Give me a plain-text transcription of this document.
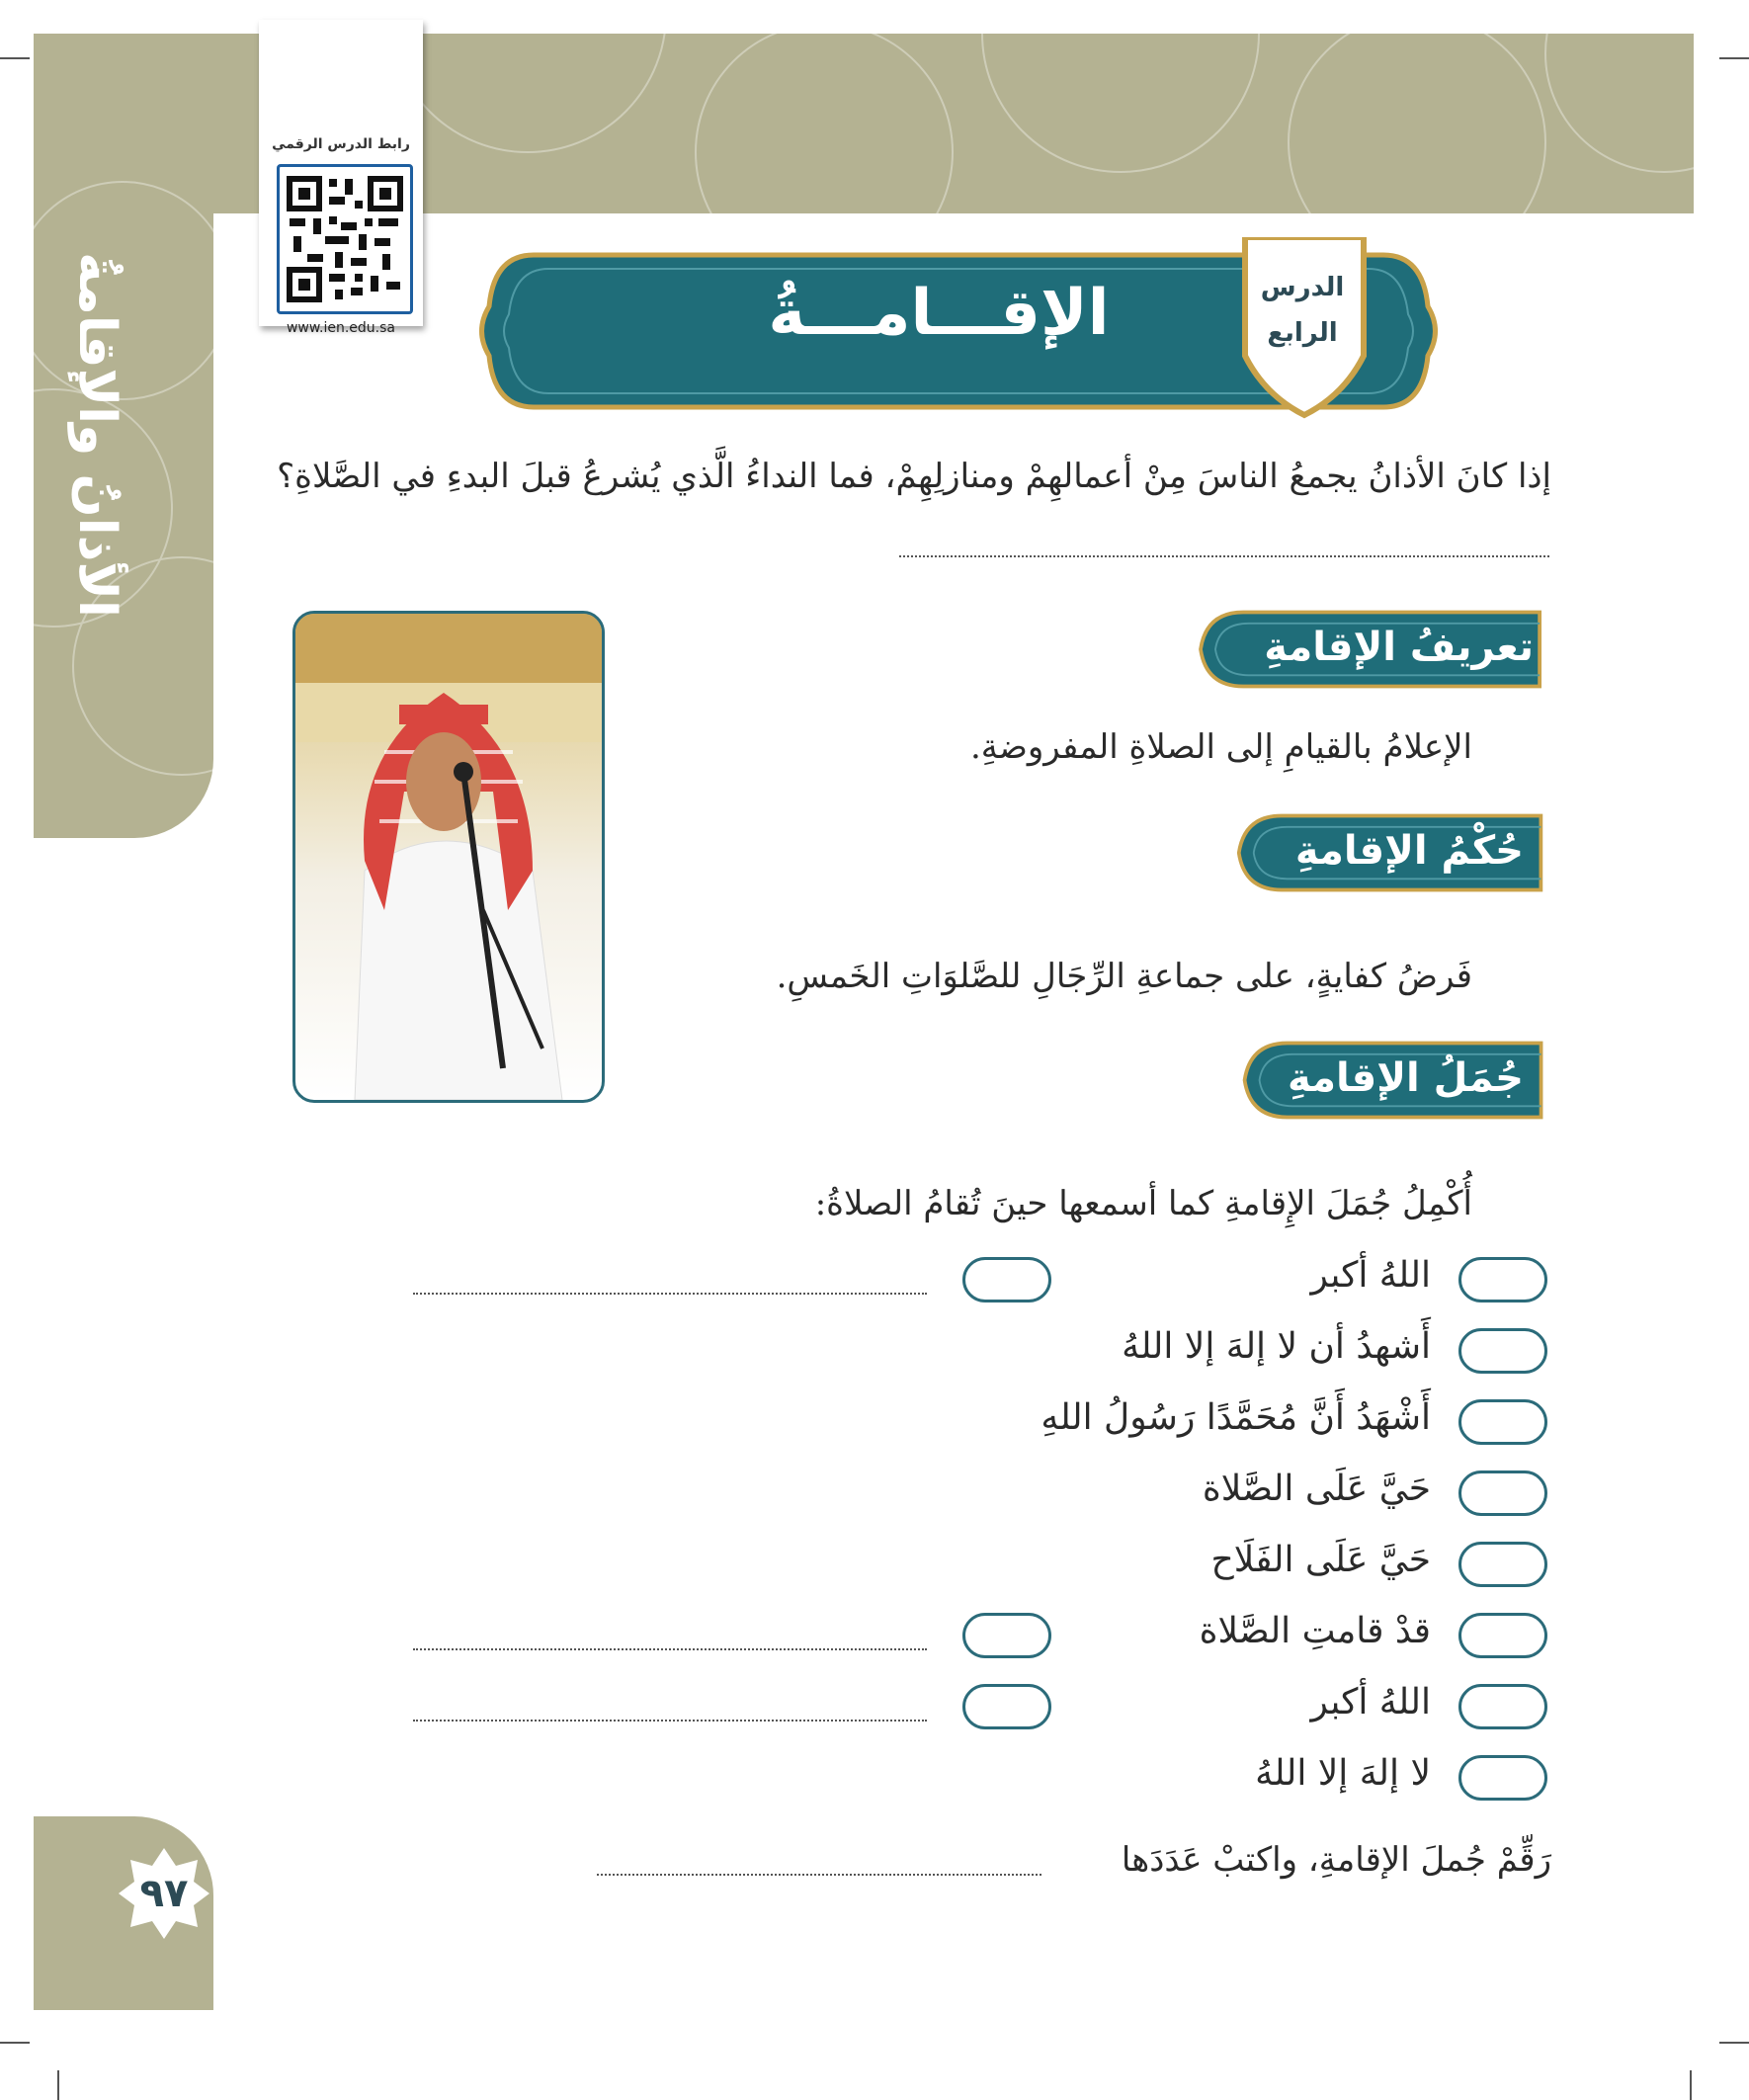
الأذانُ والإقامةُ
رابط الدرس الرقمي
www.ien.edu.sa	الإقـــامـــةُ	الدرس
الرابع
إذا كانَ الأذانُ يجمعُ الناسَ مِنْ أعمالهِمْ ومنازلِهِمْ، فما النداءُ الَّذي يُشرعُ قبلَ البدءِ في الصَّلاةِ؟
تعريفُ الإقامةِ
الإعلامُ بالقيامِ إلى الصلاةِ المفروضةِ.
حُكْمُ الإقامةِ
فَرضُ كفايةٍ، على جماعةِ الرِّجَالِ للصَّلوَاتِ الخَمسِ.
جُمَلُ الإقامةِ
أُكْمِلُ جُمَلَ الإِقامةِ كما أسمعها حينَ تُقامُ الصلاةُ:
اللهُ أكبر
أَشهدُ أن لا إلهَ إلا اللهُ
أَشْهَدُ أَنَّ مُحَمَّدًا رَسُولُ اللهِ
حَيَّ عَلَى الصَّلاة
حَيَّ عَلَى الفَلَاح
قدْ قامتِ الصَّلاة
اللهُ أكبر
لا إلهَ إلا اللهُ
رَقِّمْ جُملَ الإقامةِ، واكتبْ عَدَدَها
٩٧
